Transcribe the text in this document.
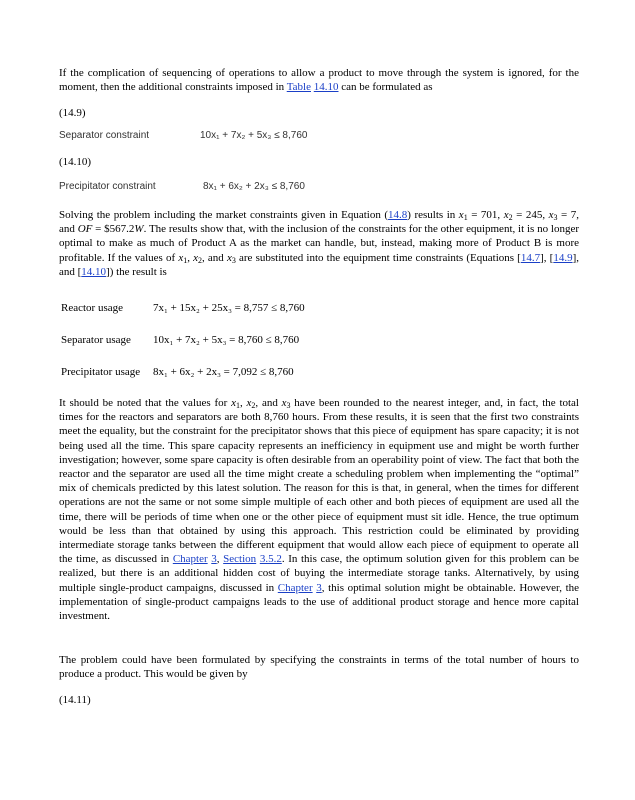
If the complication of sequencing of operations to allow a product to move through the system is ignored, for the moment, then the additional constraints imposed in Table 14.10 can be formulated as
(14.9)
Separator constraint	10x₁ + 7x₂ + 5x₃ ≤ 8,760
(14.10)
Precipitator constraint	8x₁ + 6x₂ + 2x₃ ≤ 8,760
Solving the problem including the market constraints given in Equation (14.8) results in $x_1 = 701$, $x_2 = 245$, $x_3 = 7$, and OF = $567.2W. The results show that, with the inclusion of the constraints for the other equipment, it is no longer optimal to make as much of Product A as the market can handle, but, instead, making more of Product B is more profitable. If the values of $x_1$, $x_2$, and $x_3$ are substituted into the equipment time constraints (Equations [14.7], [14.9], and [14.10]) the result is
Reactor usage	7x₁ + 15x₂ + 25x₃ = 8,757 ≤ 8,760
Separator usage 10x₁ + 7x₂ + 5x₃ = 8,760 ≤ 8,760
Precipitator usage 8x₁ + 6x₂ + 2x₃ = 7,092 ≤ 8,760
It should be noted that the values for $x_1$, $x_2$, and $x_3$ have been rounded to the nearest integer, and, in fact, the total times for the reactors and separators are both 8,760 hours. From these results, it is seen that the first two constraints meet the equality, but the constraint for the precipitator shows that this piece of equipment has spare capacity; it is not being used all the time. This spare capacity represents an inefficiency in equipment use and might be worth further investigation; however, some spare capacity is often desirable from an operability point of view. The fact that both the reactor and the separator are used all the time might create a scheduling problem when implementing the “optimal” mix of chemicals predicted by this latest solution. The reason for this is that, in general, when the times for different operations are not the same or not some simple multiple of each other and both pieces of equipment are used all the time, there will be periods of time when one or the other piece of equipment must sit idle. Hence, the true optimum would be less than that obtained by using this approach. This restriction could be eliminated by providing intermediate storage tanks between the different equipment that would allow each piece of equipment to operate all the time, as discussed in Chapter 3, Section 3.5.2. In this case, the optimum solution given for this problem can be realized, but there is an additional hidden cost of buying the intermediate storage tanks. Alternatively, by using multiple single-product campaigns, discussed in Chapter 3, this optimal solution might be obtainable. However, the implementation of single-product campaigns leads to the use of additional product storage and hence more capital investment.
The problem could have been formulated by specifying the constraints in terms of the total number of hours to produce a product. This would be given by
(14.11)
